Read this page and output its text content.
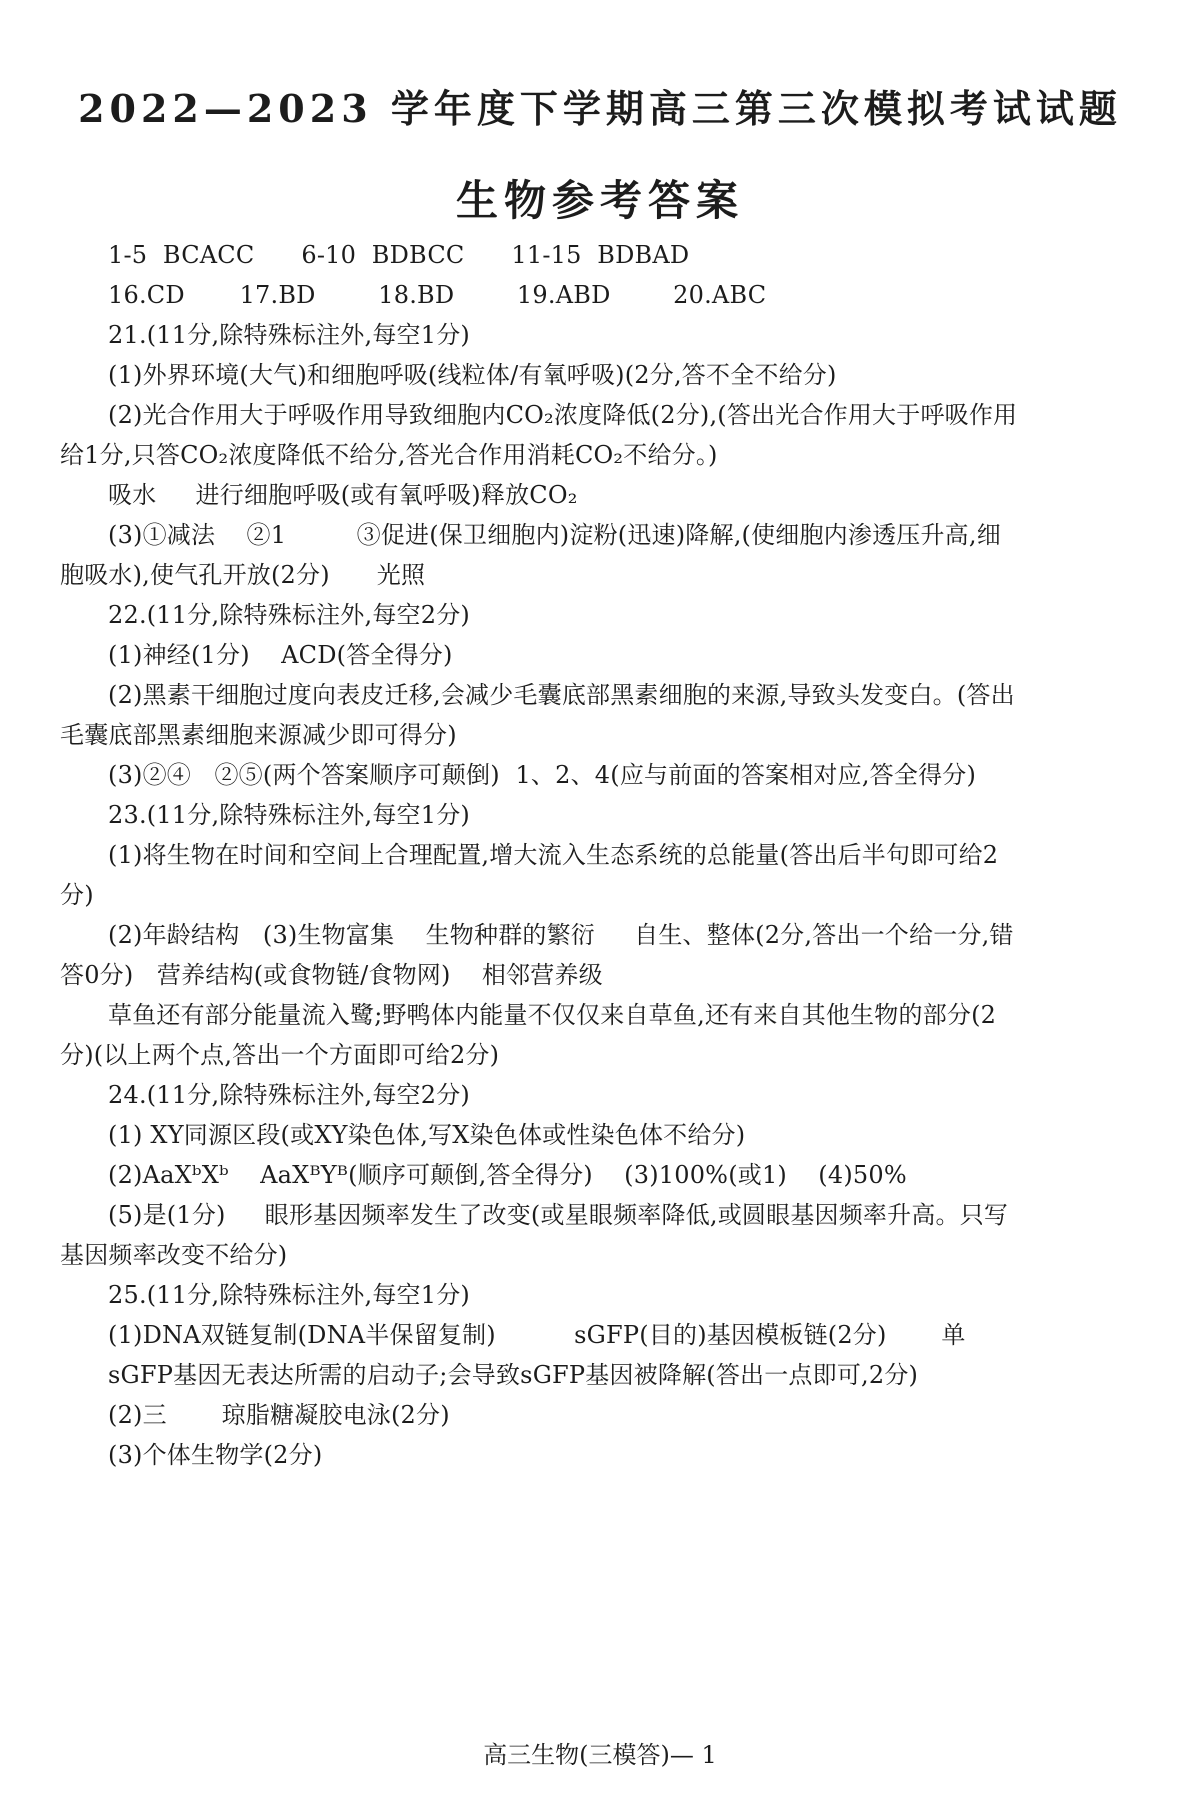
2022—2023 学年度下学期高三第三次模拟考试试题
生物参考答案

1-5  BCACC      6-10  BDBCC      11-15  BDBAD

16.CD       17.BD        18.BD        19.ABD        20.ABC

21.(11分,除特殊标注外,每空1分)

(1)外界环境(大气)和细胞呼吸(线粒体/有氧呼吸)(2分,答不全不给分)

(2)光合作用大于呼吸作用导致细胞内CO₂浓度降低(2分),(答出光合作用大于呼吸作用

给1分,只答CO₂浓度降低不给分,答光合作用消耗CO₂不给分。)

吸水     进行细胞呼吸(或有氧呼吸)释放CO₂

(3)①减法    ②1         ③促进(保卫细胞内)淀粉(迅速)降解,(使细胞内渗透压升高,细

胞吸水),使气孔开放(2分)      光照

22.(11分,除特殊标注外,每空2分)

(1)神经(1分)    ACD(答全得分)

(2)黑素干细胞过度向表皮迁移,会减少毛囊底部黑素细胞的来源,导致头发变白。(答出

毛囊底部黑素细胞来源减少即可得分)

(3)②④   ②⑤(两个答案顺序可颠倒)  1、2、4(应与前面的答案相对应,答全得分)

23.(11分,除特殊标注外,每空1分)

(1)将生物在时间和空间上合理配置,增大流入生态系统的总能量(答出后半句即可给2

分)

(2)年龄结构   (3)生物富集    生物种群的繁衍     自生、整体(2分,答出一个给一分,错

答0分)   营养结构(或食物链/食物网)    相邻营养级

草鱼还有部分能量流入鹭;野鸭体内能量不仅仅来自草鱼,还有来自其他生物的部分(2

分)(以上两个点,答出一个方面即可给2分)

24.(11分,除特殊标注外,每空2分)

(1) XY同源区段(或XY染色体,写X染色体或性染色体不给分)

(2)AaXᵇXᵇ    AaXᴮYᴮ(顺序可颠倒,答全得分)    (3)100%(或1)    (4)50%

(5)是(1分)     眼形基因频率发生了改变(或星眼频率降低,或圆眼基因频率升高。只写

基因频率改变不给分)

25.(11分,除特殊标注外,每空1分)

(1)DNA双链复制(DNA半保留复制)          sGFP(目的)基因模板链(2分)       单

sGFP基因无表达所需的启动子;会导致sGFP基因被降解(答出一点即可,2分)

(2)三       琼脂糖凝胶电泳(2分)

(3)个体生物学(2分)

高三生物(三模答)— 1
